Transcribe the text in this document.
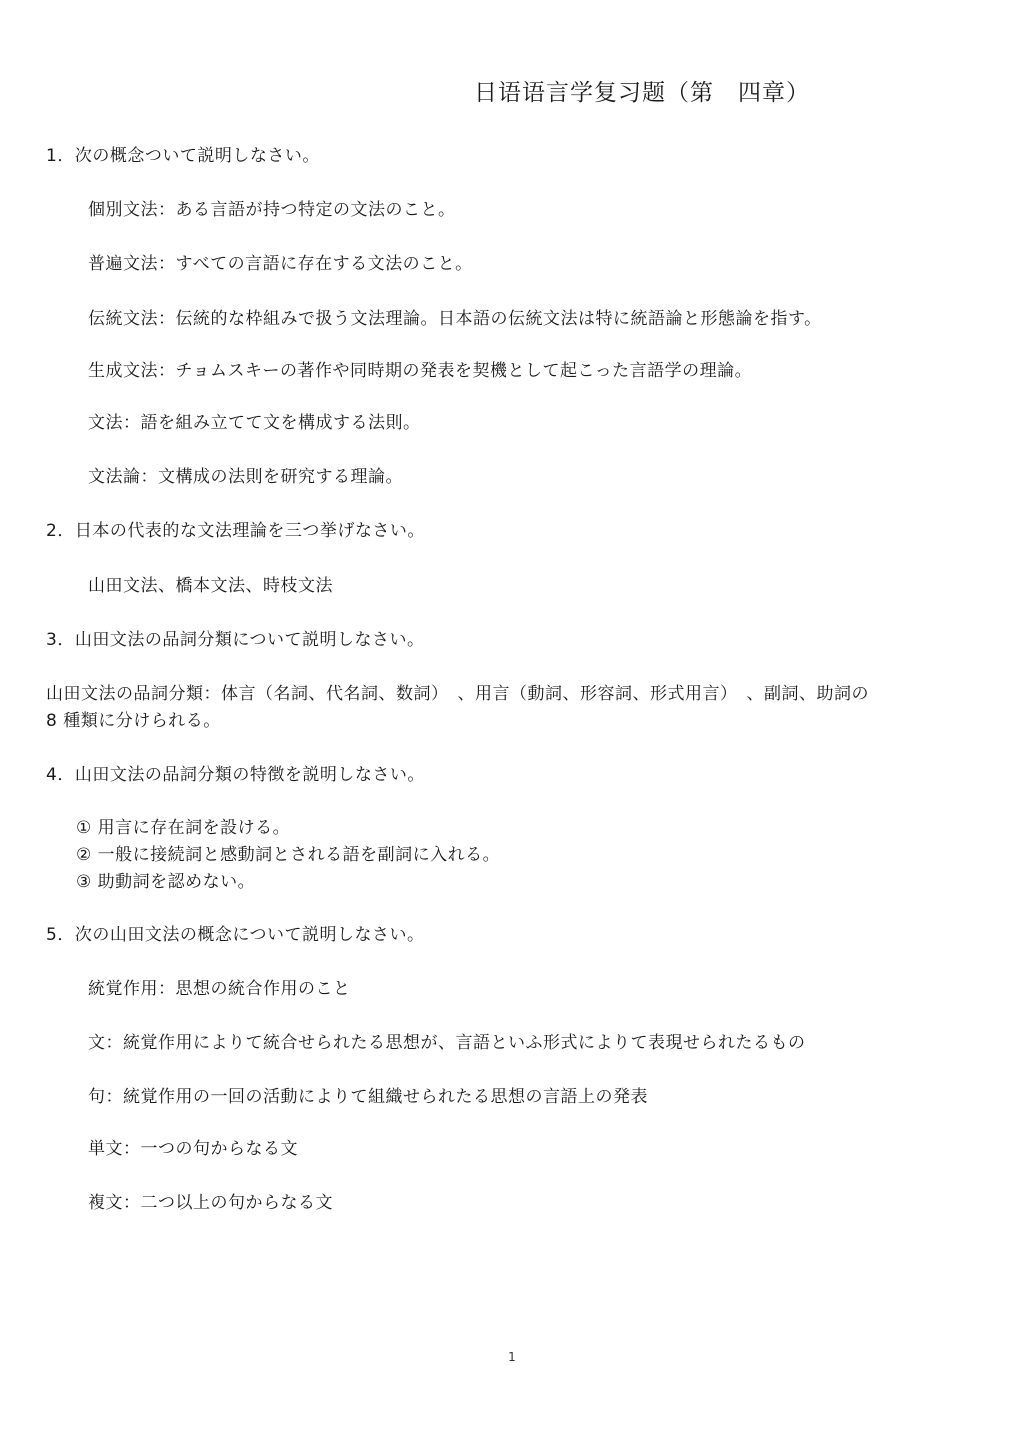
日语语言学复习题（第　四章）
1．次の概念ついて説明しなさい。
個別文法：ある言語が持つ特定の文法のこと。
普遍文法：すべての言語に存在する文法のこと。
伝統文法：伝統的な枠組みで扱う文法理論。日本語の伝統文法は特に統語論と形態論を指す。
生成文法：チョムスキーの著作や同時期の発表を契機として起こった言語学の理論。
文法：語を組み立てて文を構成する法則。
文法論：文構成の法則を研究する理論。
2．日本の代表的な文法理論を三つ挙げなさい。
山田文法、橋本文法、時枝文法
3．山田文法の品詞分類について説明しなさい。
山田文法の品詞分類：体言（名詞、代名詞、数詞）　、用言（動詞、形容詞、形式用言）　、副詞、助詞の
8 種類に分けられる。
4．山田文法の品詞分類の特徴を説明しなさい。
① 用言に存在詞を設ける。
② 一般に接続詞と感動詞とされる語を副詞に入れる。
③ 助動詞を認めない。
5．次の山田文法の概念について説明しなさい。
統覚作用：思想の統合作用のこと
文：統覚作用によりて統合せられたる思想が、言語といふ形式によりて表現せられたるもの
句：統覚作用の一回の活動によりて組織せられたる思想の言語上の発表
単文：一つの句からなる文
複文：二つ以上の句からなる文
1
